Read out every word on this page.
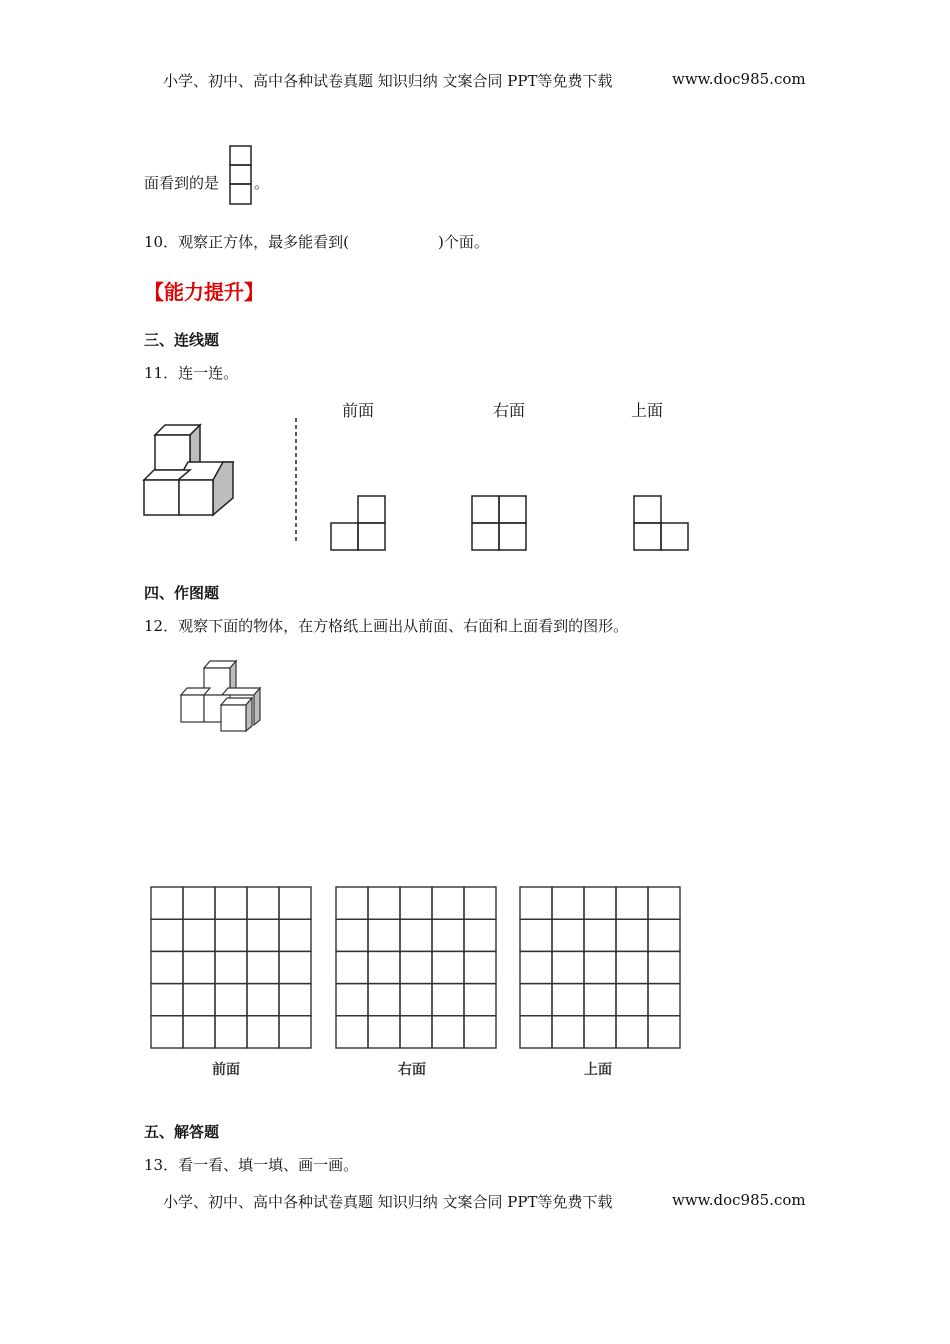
小学、初中、高中各种试卷真题 知识归纳 文案合同 PPT等免费下载	www.doc985.com
面看到的是 。
10．观察正方体，最多能看到(	)个面。
【能力提升】
三、连线题
11．连一连。
前面	右面	上面
四、作图题
12．观察下面的物体，在方格纸上画出从前面、右面和上面看到的图形。
前面	右面	上面
五、解答题
13．看一看、填一填、画一画。
小学、初中、高中各种试卷真题 知识归纳 文案合同 PPT等免费下载	www.doc985.com
